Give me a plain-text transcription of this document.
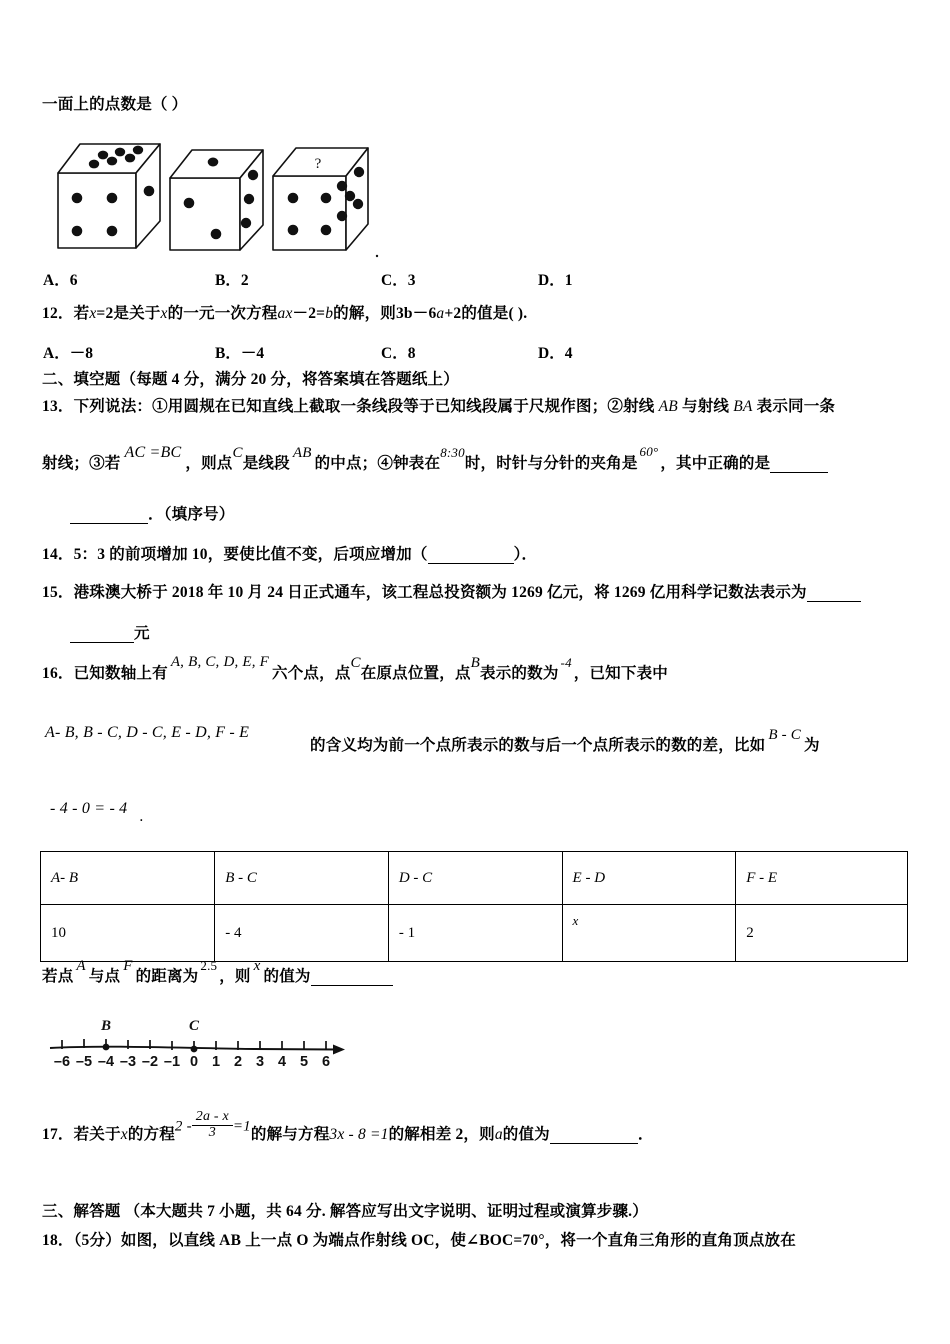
一面上的点数是（ ）
?
A．6	B．2	C．3	D．1
12．若x=2是关于x的一元一次方程ax－2=b的解，则3b－6a+2的值是( ).
A．－8	B．－4	C．8	D．4
二、填空题（每题 4 分，满分 20 分，将答案填在答题纸上）
13．下列说法：①用圆规在已知直线上截取一条线段等于已知线段属于尺规作图；②射线 AB 与射线 BA 表示同一条
射线；③若AC =BC，则点C是线段AB的中点；④钟表在$^{8:30}$时，时针与分针的夹角是$^{60^\circ}$，其中正确的是
．（填序号）
14．5：3 的前项增加 10，要使比值不变，后项应增加（	）．
15．港珠澳大桥于 2018 年 10 月 24 日正式通车，该工程总投资额为 1269 亿元，将 1269 亿用科学记数法表示为
元
16．已知数轴上有A, B, C, D, E, F六个点，点C在原点位置，点B表示的数为$^{-4}$，已知下表中
A- B, B - C, D - C, E - D, F - E
的含义均为前一个点所表示的数与后一个点所表示的数的差，比如B - C为
- 4 - 0 = - 4 .
A- B	B - C	D - C	E - D	F - E
10	- 4	- 1	x	2
若点A与点F的距离为$^{2.5}$，则x的值为
B	C
–6 –5 –4 –3 –2 –1 0 1 2 3 4 5 6
17．若关于x的方程$2 - \frac{2a - x}{3} =1$的解与方程3x - 8 =1的解相差 2，则a的值为	．
三、解答题 （本大题共 7 小题，共 64 分. 解答应写出文字说明、证明过程或演算步骤.）
18．（5分）如图，以直线 AB 上一点 O 为端点作射线 OC，使∠BOC=70°，将一个直角三角形的直角顶点放在
